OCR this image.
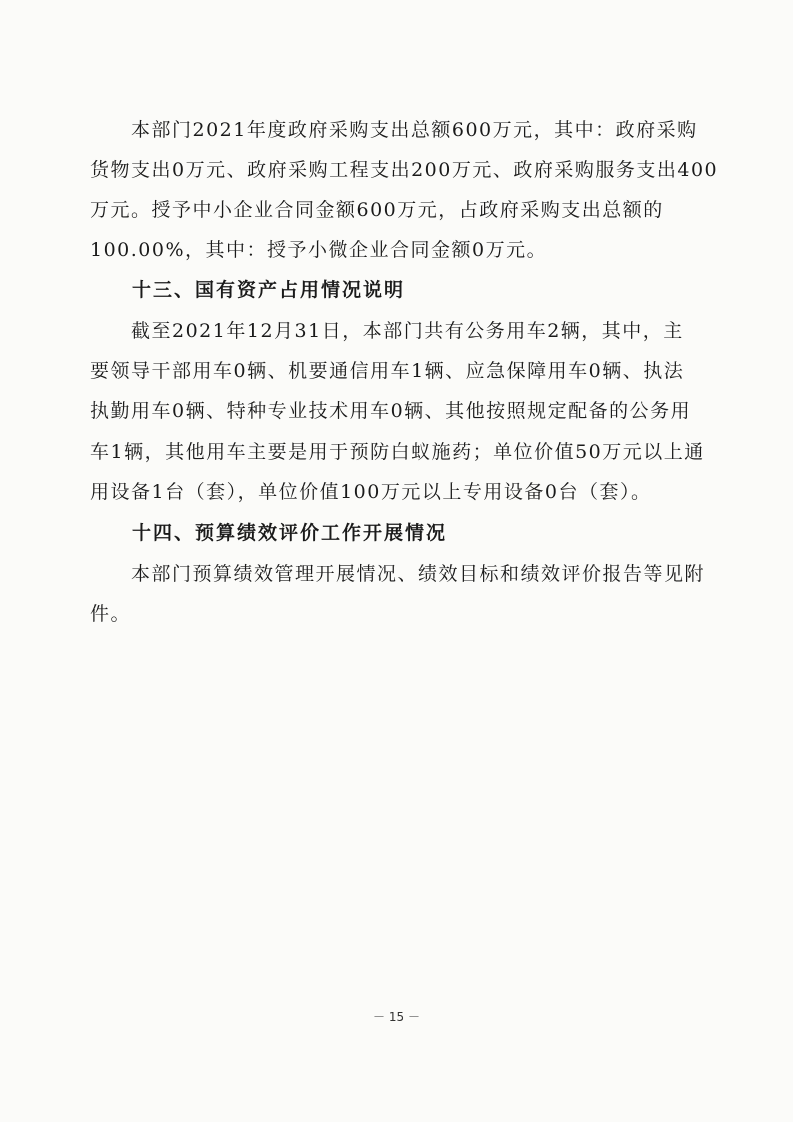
　　本部门2021年度政府采购支出总额600万元，其中：政府采购
货物支出0万元、政府采购工程支出200万元、政府采购服务支出400
万元。授予中小企业合同金额600万元，占政府采购支出总额的
100.00%，其中：授予小微企业合同金额0万元。
　　十三、国有资产占用情况说明
　　截至2021年12月31日，本部门共有公务用车2辆，其中，主
要领导干部用车0辆、机要通信用车1辆、应急保障用车0辆、执法
执勤用车0辆、特种专业技术用车0辆、其他按照规定配备的公务用
车1辆，其他用车主要是用于预防白蚁施药；单位价值50万元以上通
用设备1台（套），单位价值100万元以上专用设备0台（套）。
　　十四、预算绩效评价工作开展情况
　　本部门预算绩效管理开展情况、绩效目标和绩效评价报告等见附
件。
－ 15 －
